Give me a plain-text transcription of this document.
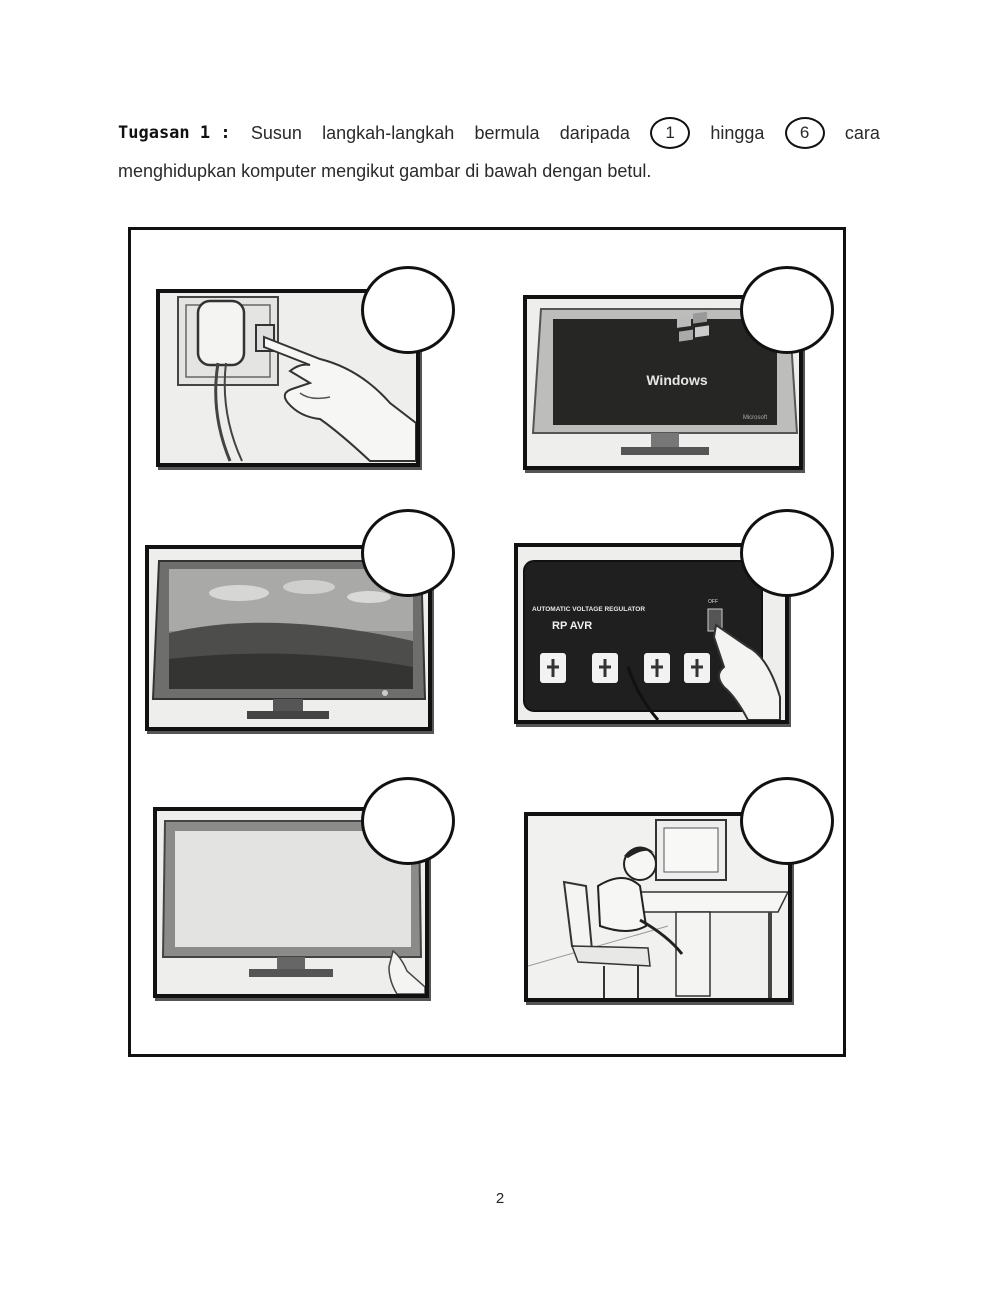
Tugasan 1 : Susun langkah-langkah bermula daripada	1	hingga	6	cara
menghidupkan komputer mengikut gambar di bawah dengan betul.
Windows
Microsoft
AUTOMATIC VOLTAGE REGULATOR
RP AVR
OFF
2
